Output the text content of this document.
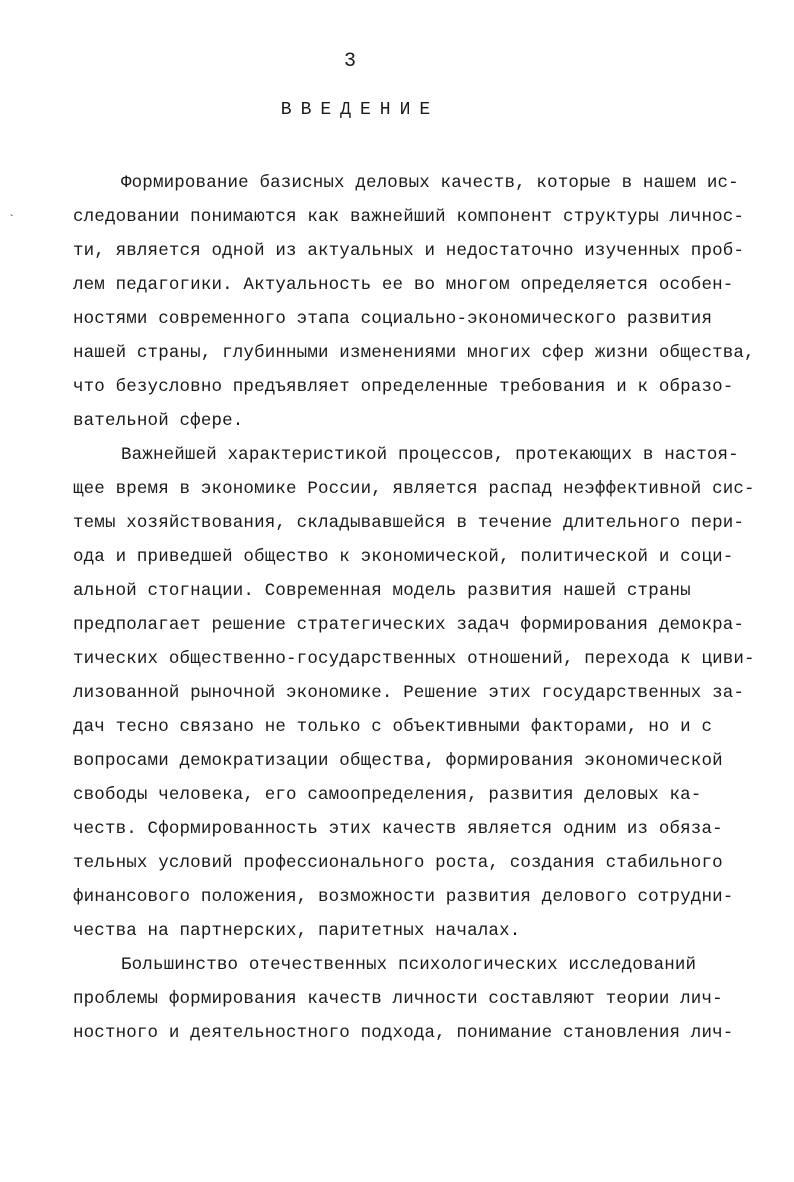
3
ВВЕДЕНИЕ
`
Формирование базисных деловых качеств, которые в нашем ис-
следовании понимаются как важнейший компонент структуры личнос-
ти, является одной из актуальных и недостаточно изученных проб-
лем педагогики. Актуальность ее во многом определяется особен-
ностями современного этапа социально-экономического развития
нашей страны, глубинными изменениями многих сфер жизни общества,
что безусловно предъявляет определенные требования и к образо-
вательной сфере.
Важнейшей характеристикой процессов, протекающих в настоя-
щее время в экономике России, является распад неэффективной сис-
темы хозяйствования, складывавшейся в течение длительного пери-
ода и приведшей общество к экономической, политической и соци-
альной стогнации. Современная модель развития нашей страны
предполагает решение стратегических задач формирования демокра-
тических общественно-государственных отношений, перехода к циви-
лизованной рыночной экономике. Решение этих государственных за-
дач тесно связано не только с объективными факторами, но и с
вопросами демократизации общества, формирования экономической
свободы человека, его самоопределения, развития деловых ка-
честв. Сформированность этих качеств является одним из обяза-
тельных условий профессионального роста, создания стабильного
финансового положения, возможности развития делового сотрудни-
чества на партнерских, паритетных началах.
Большинство отечественных психологических исследований
проблемы формирования качеств личности составляют теории лич-
ностного и деятельностного подхода, понимание становления лич-
